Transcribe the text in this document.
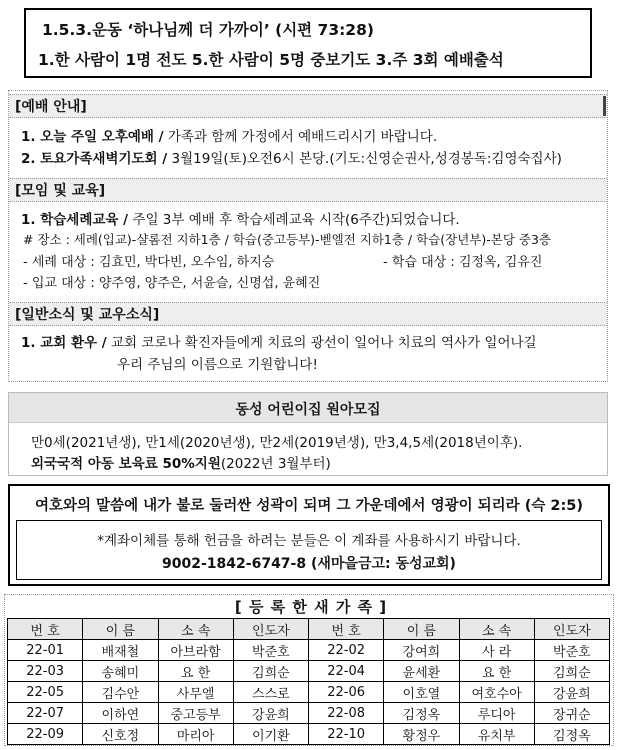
1.5.3.운동 ‘하나님께 더 가까이’ (시편 73:28)
1.한 사람이 1명 전도 5.한 사람이 5명 중보기도 3.주 3회 예배출석
[예배 안내]
1. 오늘 주일 오후예배 / 가족과 함께 가정에서 예배드리시기 바랍니다.
2. 토요가족새벽기도회 / 3월19일(토)오전6시 본당.(기도:신영순권사,성경봉독:김영숙집사)
[모임 및 교육]
1. 학습세례교육 / 주일 3부 예배 후 학습세례교육 시작(6주간)되었습니다.
# 장소 : 세례(입교)-샬롬전 지하1층 / 학습(중고등부)-벧엘전 지하1층 / 학습(장년부)-본당 중3층
- 세례 대상 : 김효민, 박다빈, 오수임, 하지승	- 학습 대상 : 김정옥, 김유진
- 입교 대상 : 양주영, 양주은, 서윤슬, 신명섭, 윤혜진
[일반소식 및 교우소식]
1. 교회 환우 / 교회 코로나 확진자들에게 치료의 광선이 일어나 치료의 역사가 일어나길
우리 주님의 이름으로 기원합니다!
동성 어린이집 원아모집
만0세(2021년생), 만1세(2020년생), 만2세(2019년생), 만3,4,5세(2018년이후).
외국국적 아동 보육료 50%지원(2022년 3월부터)
여호와의 말씀에 내가 불로 둘러싼 성곽이 되며 그 가운데에서 영광이 되리라 (슥 2:5)
*계좌이체를 통해 헌금을 하려는 분들은 이 계좌를 사용하시기 바랍니다.
9002-1842-6747-8 (새마을금고: 동성교회)
[ 등 록 한 새 가 족 ]
번 호	이 름	소 속	인도자	번 호	이 름	소 속	인도자
22-01	배재철	아브라함	박준호	22-02	강여희	사 라	박준호
22-03	송혜미	요 한	김희순	22-04	윤세환	요 한	김희순
22-05	김수안	사무엘	스스로	22-06	이호열	여호수아	강윤희
22-07	이하연	중고등부	강윤희	22-08	김정옥	루디아	장귀순
22-09	신호정	마리아	이기환	22-10	황정우	유치부	김정옥
